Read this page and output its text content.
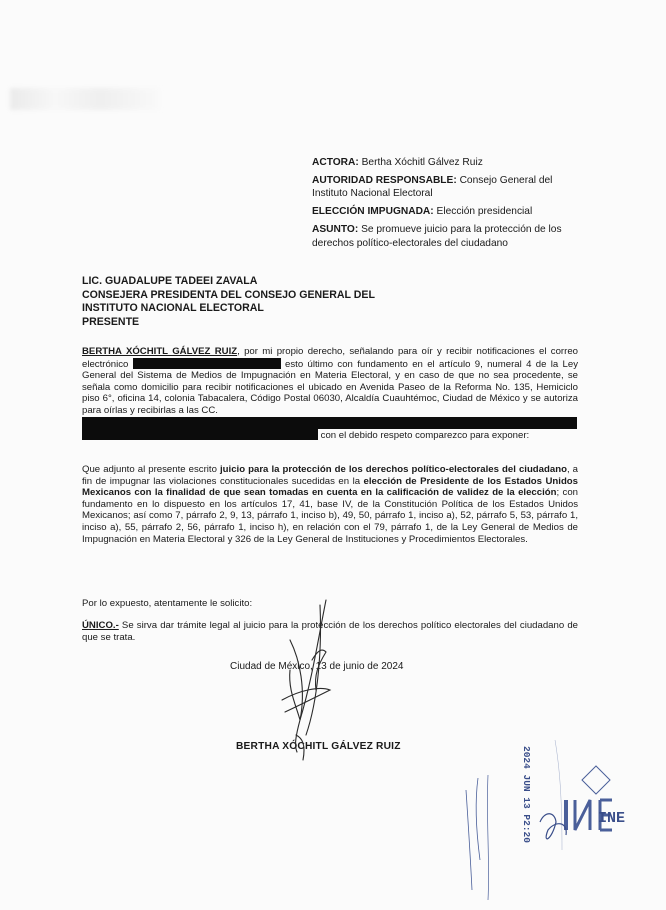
ACTORA: Bertha Xóchitl Gálvez Ruiz

AUTORIDAD RESPONSABLE: Consejo General del Instituto Nacional Electoral

ELECCIÓN IMPUGNADA: Elección presidencial

ASUNTO: Se promueve juicio para la protección de los derechos político-electorales del ciudadano

LIC. GUADALUPE TADEEI ZAVALA
CONSEJERA PRESIDENTA DEL CONSEJO GENERAL DEL
INSTITUTO NACIONAL ELECTORAL
PRESENTE
BERTHA XÓCHITL GÁLVEZ RUIZ, por mi propio derecho, señalando para oír y recibir notificaciones el correo electrónico	esto último con fundamento en el artículo 9, numeral 4 de la Ley General del Sistema de Medios de Impugnación en Materia Electoral, y en caso de que no sea procedente, se señala como domicilio para recibir notificaciones el ubicado en Avenida Paseo de la Reforma No. 135, Hemiciclo piso 6°, oficina 14, colonia Tabacalera, Código Postal 06030, Alcaldía Cuauhtémoc, Ciudad de México y se autoriza para oírlas y recibirlas a las CC.
con el debido respeto comparezco para exponer:
Que adjunto al presente escrito juicio para la protección de los derechos político-electorales del ciudadano, a fin de impugnar las violaciones constitucionales sucedidas en la elección de Presidente de los Estados Unidos Mexicanos con la finalidad de que sean tomadas en cuenta en la calificación de validez de la elección; con fundamento en lo dispuesto en los artículos 17, 41, base IV, de la Constitución Política de los Estados Unidos Mexicanos; así como 7, párrafo 2, 9, 13, párrafo 1, inciso b), 49, 50, párrafo 1, inciso a), 52, párrafo 5, 53, párrafo 1, inciso a), 55, párrafo 2, 56, párrafo 1, inciso h), en relación con el 79, párrafo 1, de la Ley General de Medios de Impugnación en Materia Electoral y 326 de la Ley General de Instituciones y Procedimientos Electorales.
Por lo expuesto, atentamente le solicito:
ÚNICO.- Se sirva dar trámite legal al juicio para la protección de los derechos político electorales del ciudadano de que se trata.
Ciudad de México, 13 de junio de 2024
BERTHA XÓCHITL GÁLVEZ RUIZ
INE
2024 JUN 13 P2:20
